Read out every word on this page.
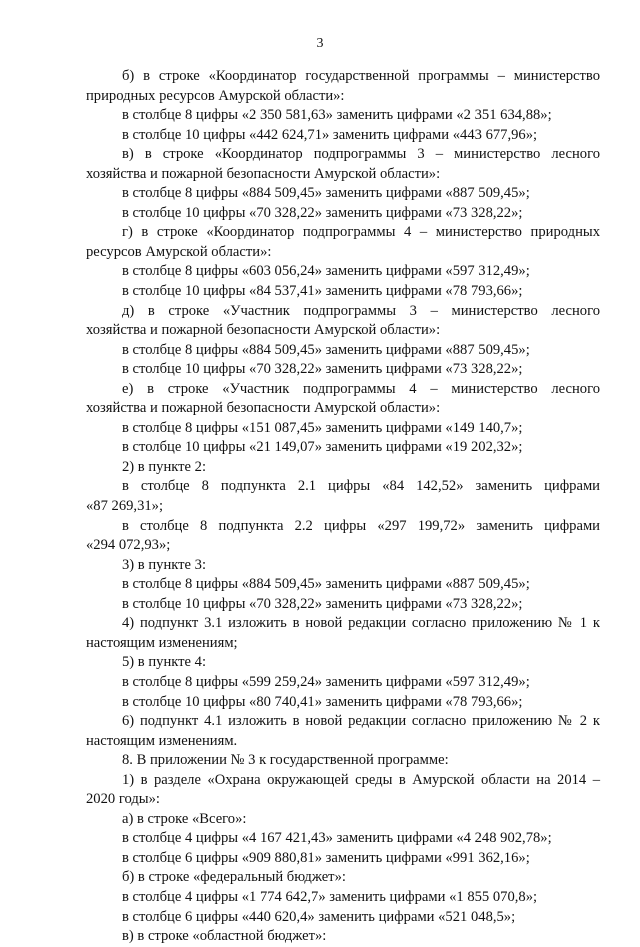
3
б) в строке «Координатор государственной программы – министерство
природных ресурсов Амурской области»:
в столбце 8 цифры «2 350 581,63» заменить цифрами «2 351 634,88»;
в столбце 10 цифры «442 624,71» заменить цифрами «443 677,96»;
в) в строке «Координатор подпрограммы 3 – министерство лесного
хозяйства и пожарной безопасности Амурской области»:
в столбце 8 цифры «884 509,45» заменить цифрами «887 509,45»;
в столбце 10 цифры «70 328,22» заменить цифрами «73 328,22»;
г) в строке «Координатор подпрограммы 4 – министерство природных
ресурсов Амурской области»:
в столбце 8 цифры «603 056,24» заменить цифрами «597 312,49»;
в столбце 10 цифры «84 537,41» заменить цифрами «78 793,66»;
д) в строке «Участник подпрограммы 3 – министерство лесного
хозяйства и пожарной безопасности Амурской области»:
в столбце 8 цифры «884 509,45» заменить цифрами «887 509,45»;
в столбце 10 цифры «70 328,22» заменить цифрами «73 328,22»;
е) в строке «Участник подпрограммы 4 – министерство лесного
хозяйства и пожарной безопасности Амурской области»:
в столбце 8 цифры «151 087,45» заменить цифрами «149 140,7»;
в столбце 10 цифры «21 149,07» заменить цифрами «19 202,32»;
2) в пункте 2:
в столбце 8 подпункта 2.1 цифры «84 142,52» заменить цифрами
«87 269,31»;
в столбце 8 подпункта 2.2 цифры «297 199,72» заменить цифрами
«294 072,93»;
3) в пункте 3:
в столбце 8 цифры «884 509,45» заменить цифрами «887 509,45»;
в столбце 10 цифры «70 328,22» заменить цифрами «73 328,22»;
4) подпункт 3.1 изложить в новой редакции согласно приложению № 1 к
настоящим изменениям;
5) в пункте 4:
в столбце 8 цифры «599 259,24» заменить цифрами «597 312,49»;
в столбце 10 цифры «80 740,41» заменить цифрами «78 793,66»;
6) подпункт 4.1 изложить в новой редакции согласно приложению № 2 к
настоящим изменениям.
8. В приложении № 3 к государственной программе:
1) в разделе «Охрана окружающей среды в Амурской области на 2014 –
2020 годы»:
а) в строке «Всего»:
в столбце 4 цифры «4 167 421,43» заменить цифрами «4 248 902,78»;
в столбце 6 цифры «909 880,81» заменить цифрами «991 362,16»;
б) в строке «федеральный бюджет»:
в столбце 4 цифры «1 774 642,7» заменить цифрами «1 855 070,8»;
в столбце 6 цифры «440 620,4» заменить цифрами «521 048,5»;
в) в строке «областной бюджет»:
